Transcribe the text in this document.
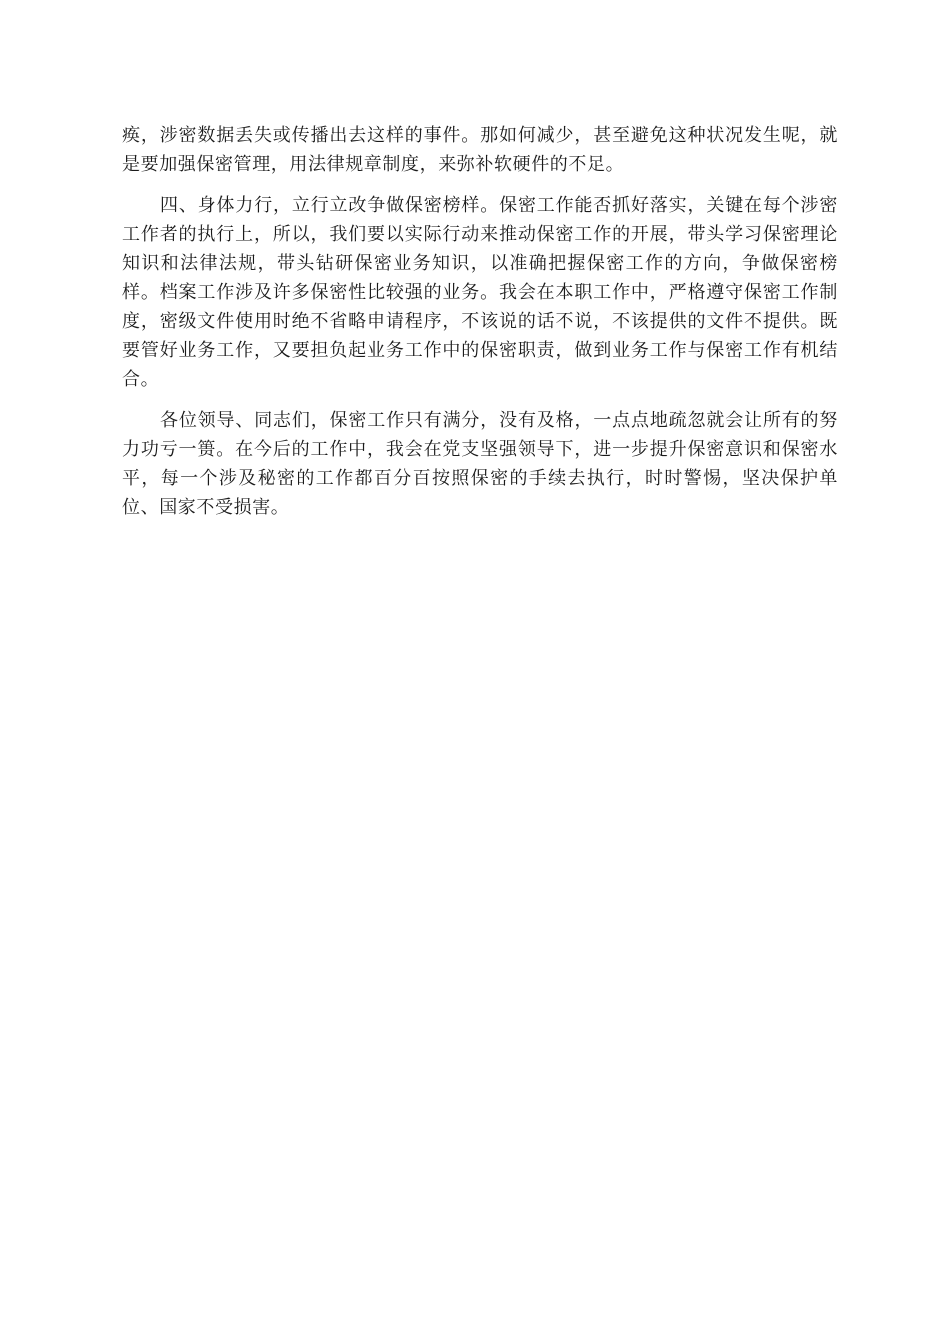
痪，涉密数据丢失或传播出去这样的事件。那如何减少，甚至避免这种状况发生呢，就是要加强保密管理，用法律规章制度，来弥补软硬件的不足。

四、身体力行，立行立改争做保密榜样。保密工作能否抓好落实，关键在每个涉密工作者的执行上，所以，我们要以实际行动来推动保密工作的开展，带头学习保密理论知识和法律法规，带头钻研保密业务知识，以准确把握保密工作的方向，争做保密榜样。档案工作涉及许多保密性比较强的业务。我会在本职工作中，严格遵守保密工作制度，密级文件使用时绝不省略申请程序，不该说的话不说，不该提供的文件不提供。既要管好业务工作，又要担负起业务工作中的保密职责，做到业务工作与保密工作有机结合。

各位领导、同志们，保密工作只有满分，没有及格，一点点地疏忽就会让所有的努力功亏一篑。在今后的工作中，我会在党支坚强领导下，进一步提升保密意识和保密水平，每一个涉及秘密的工作都百分百按照保密的手续去执行，时时警惕，坚决保护单位、国家不受损害。
